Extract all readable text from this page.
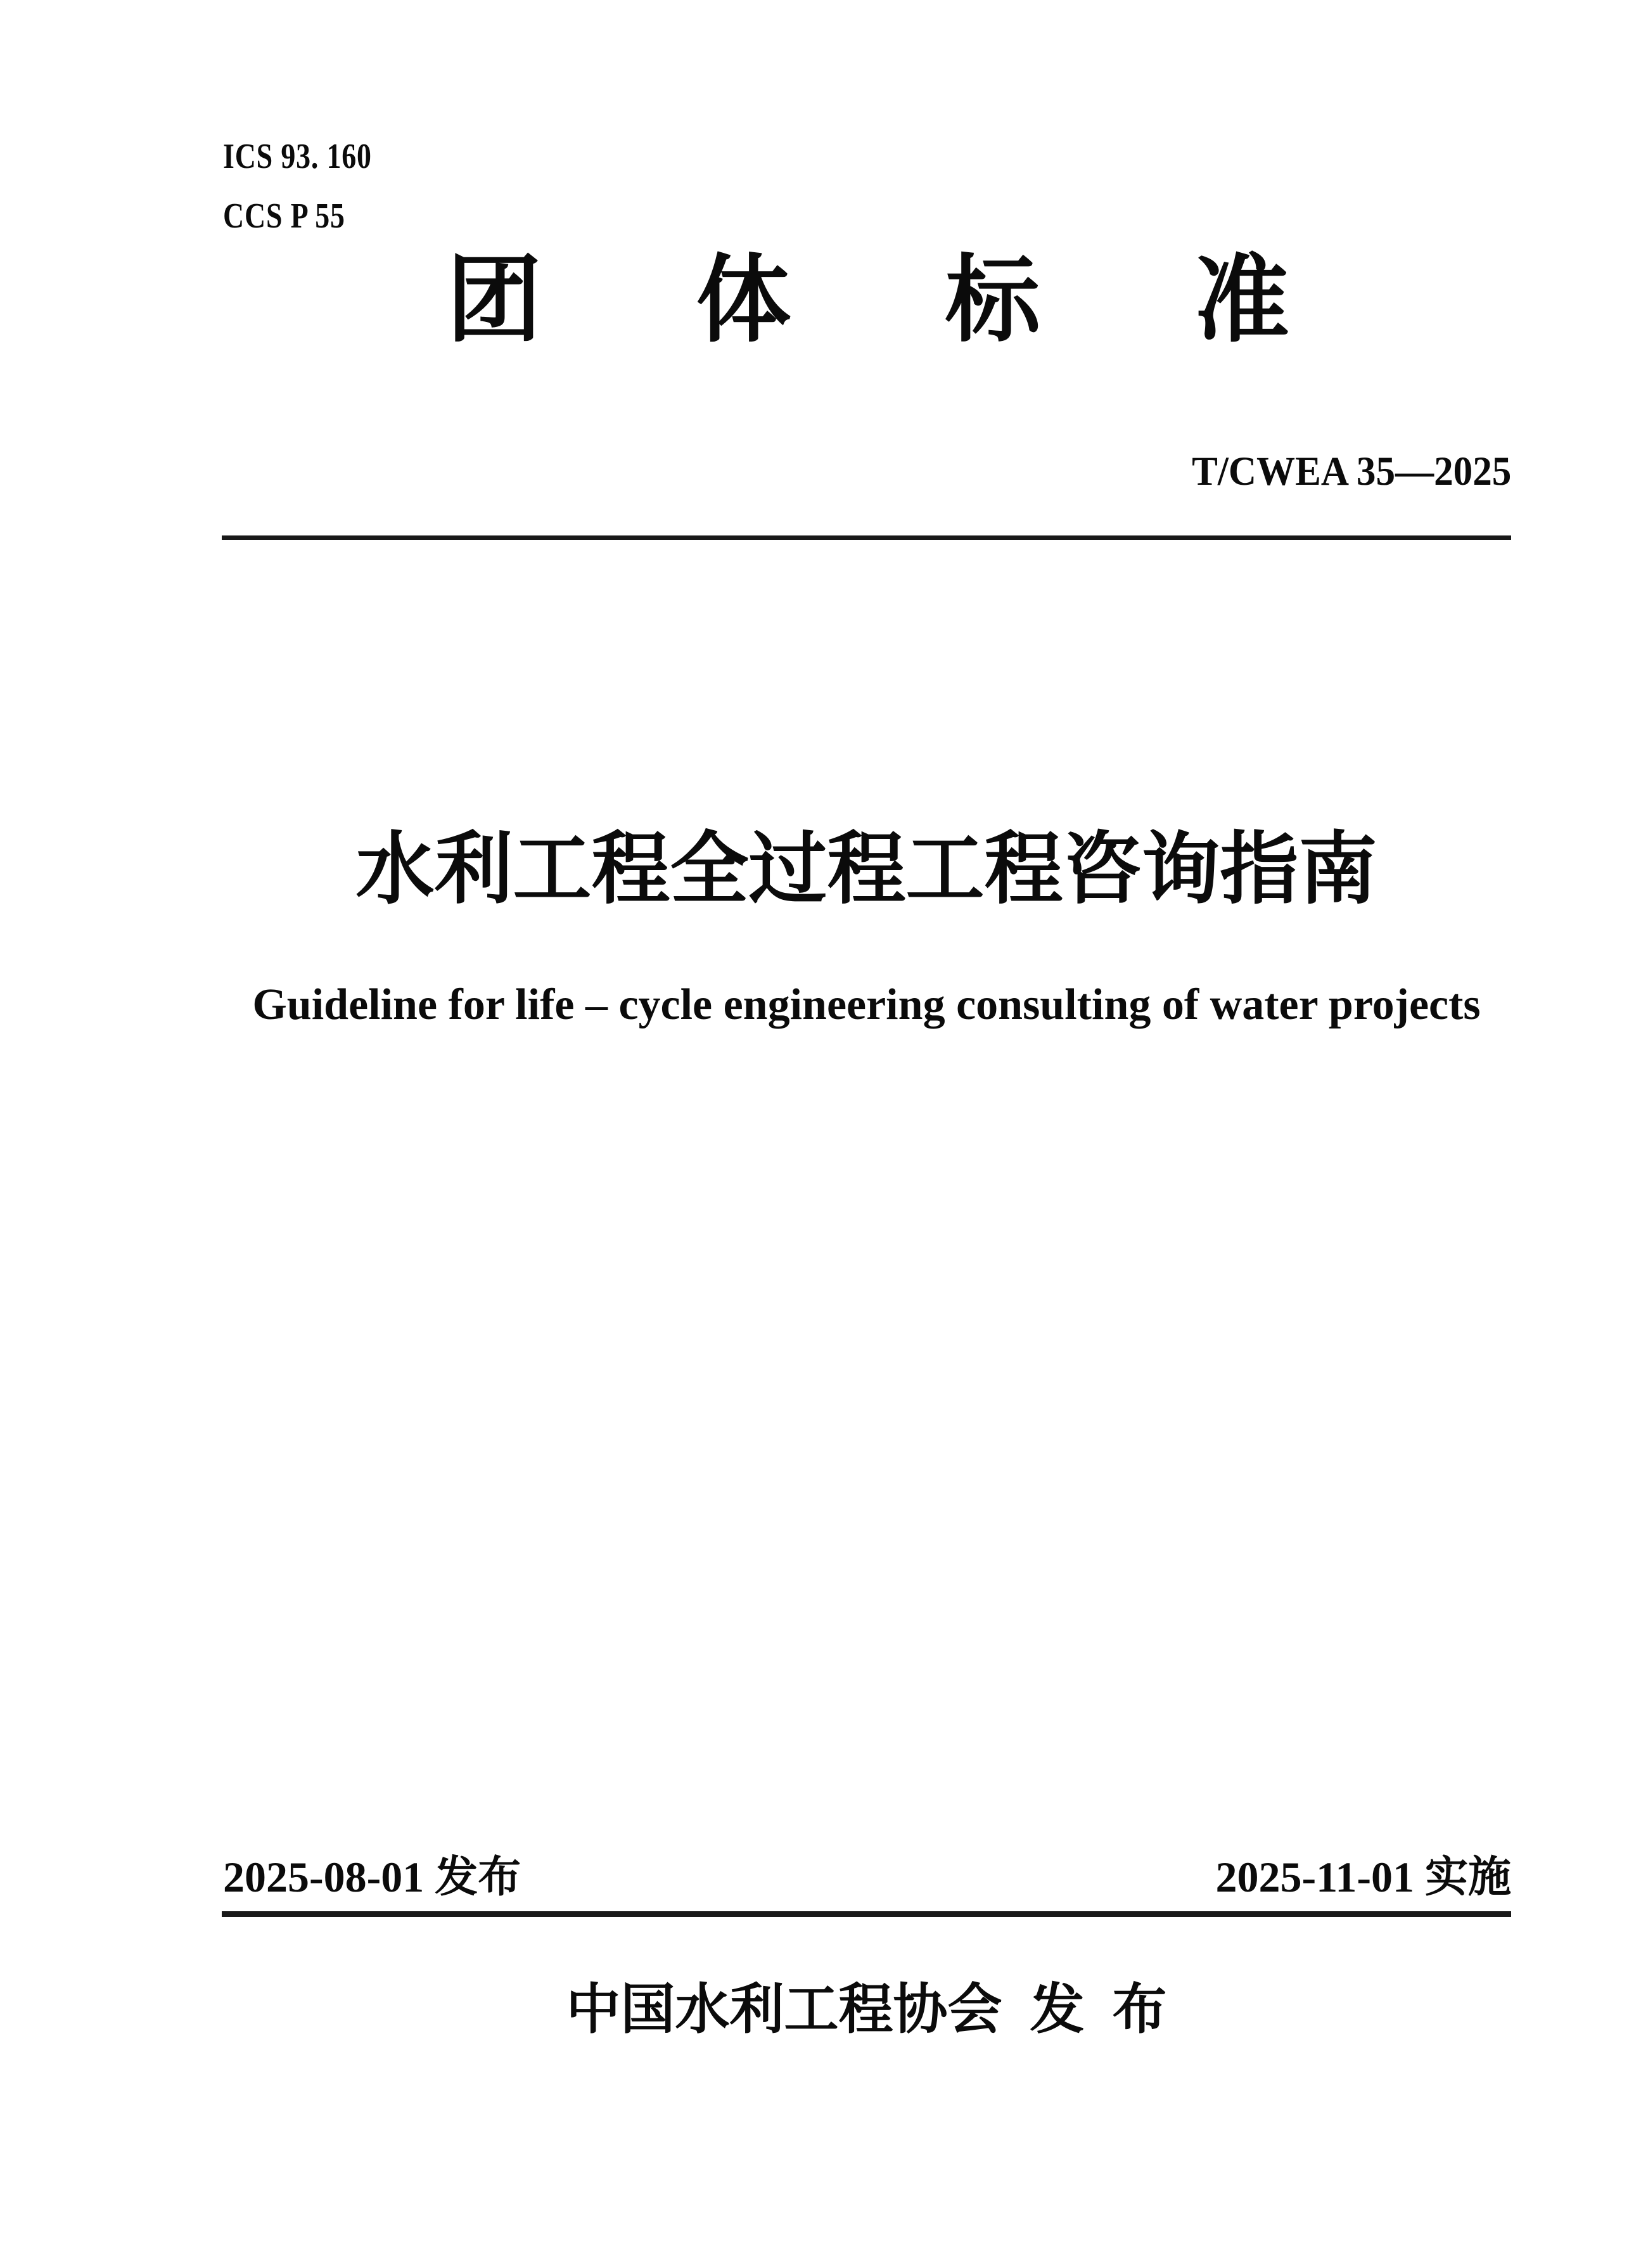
ICS 93. 160
CCS P 55
团 体 标 准
T/CWEA 35—2025
水利工程全过程工程咨询指南
Guideline for life – cycle engineering consulting of water projects
2025-08-01 发布	2025-11-01 实施
中国水利工程协会 发 布
